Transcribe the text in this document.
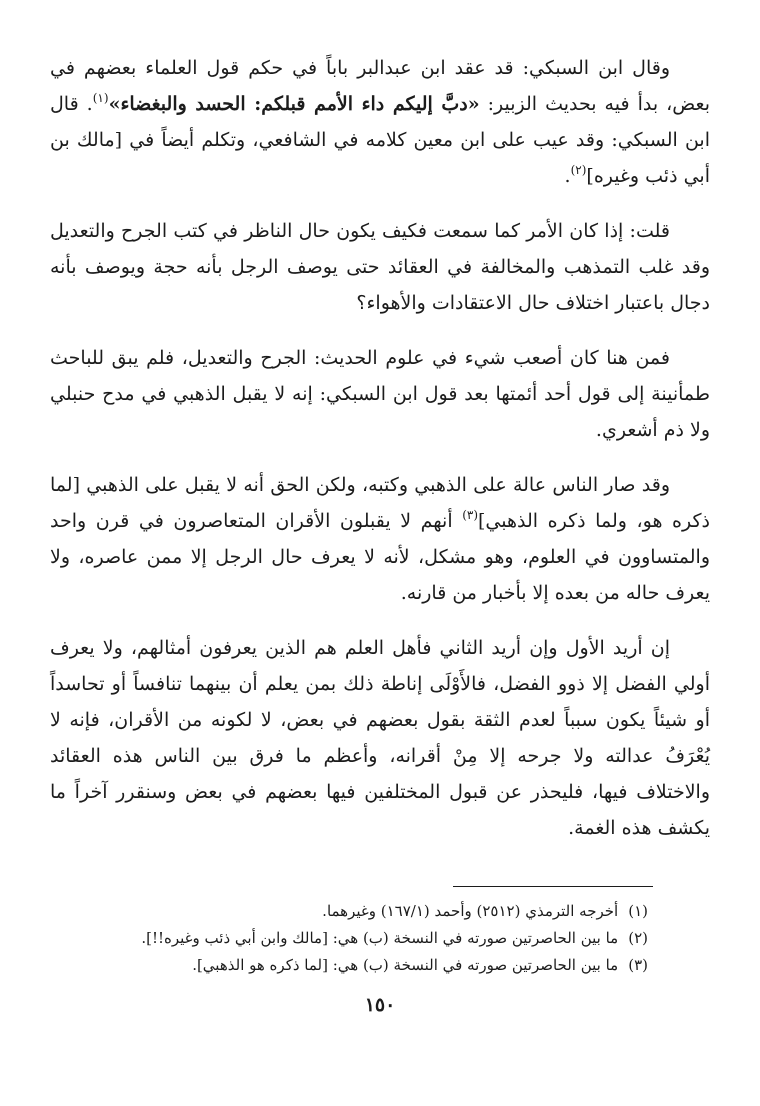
وقال ابن السبكي: قد عقد ابن عبدالبر باباً في حكم قول العلماء بعضهم في بعض، بدأ فيه بحديث الزبير: «دبَّ إليكم داء الأمم قبلكم: الحسد والبغضاء»$^{(١)}$. قال ابن السبكي: وقد عيب على ابن معين كلامه في الشافعي، وتكلم أيضاً في [مالك بن أبي ذئب وغيره]$^{(٢)}$.

قلت: إذا كان الأمر كما سمعت فكيف يكون حال الناظر في كتب الجرح والتعديل وقد غلب التمذهب والمخالفة في العقائد حتى يوصف الرجل بأنه حجة ويوصف بأنه دجال باعتبار اختلاف حال الاعتقادات والأهواء؟

فمن هنا كان أصعب شيء في علوم الحديث: الجرح والتعديل، فلم يبق للباحث طمأنينة إلى قول أحد أئمتها بعد قول ابن السبكي: إنه لا يقبل الذهبي في مدح حنبلي ولا ذم أشعري.

وقد صار الناس عالة على الذهبي وكتبه، ولكن الحق أنه لا يقبل على الذهبي [لما ذكره هو، ولما ذكره الذهبي]$^{(٣)}$ أنهم لا يقبلون الأقران المتعاصرون في قرن واحد والمتساوون في العلوم، وهو مشكل، لأنه لا يعرف حال الرجل إلا ممن عاصره، ولا يعرف حاله من بعده إلا بأخبار من قارنه.

إن أريد الأول وإن أريد الثاني فأهل العلم هم الذين يعرفون أمثالهم، ولا يعرف أولي الفضل إلا ذوو الفضل، فالأَوْلَى إناطة ذلك بمن يعلم أن بينهما تنافساً أو تحاسداً أو شيئاً يكون سبباً لعدم الثقة بقول بعضهم في بعض، لا لكونه من الأقران، فإنه لا يُعْرَفُ عدالته ولا جرحه إلا مِنْ أقرانه، وأعظم ما فرق بين الناس هذه العقائد والاختلاف فيها، فليحذر عن قبول المختلفين فيها بعضهم في بعض وسنقرر آخراً ما يكشف هذه الغمة.

(١)أخرجه الترمذي (٢٥١٢) وأحمد (١٦٧/١) وغيرهما.
(٢)ما بين الحاصرتين صورته في النسخة (ب) هي: [مالك وابن أبي ذئب وغيره!!].
(٣)ما بين الحاصرتين صورته في النسخة (ب) هي: [لما ذكره هو الذهبي].
١٥٠
